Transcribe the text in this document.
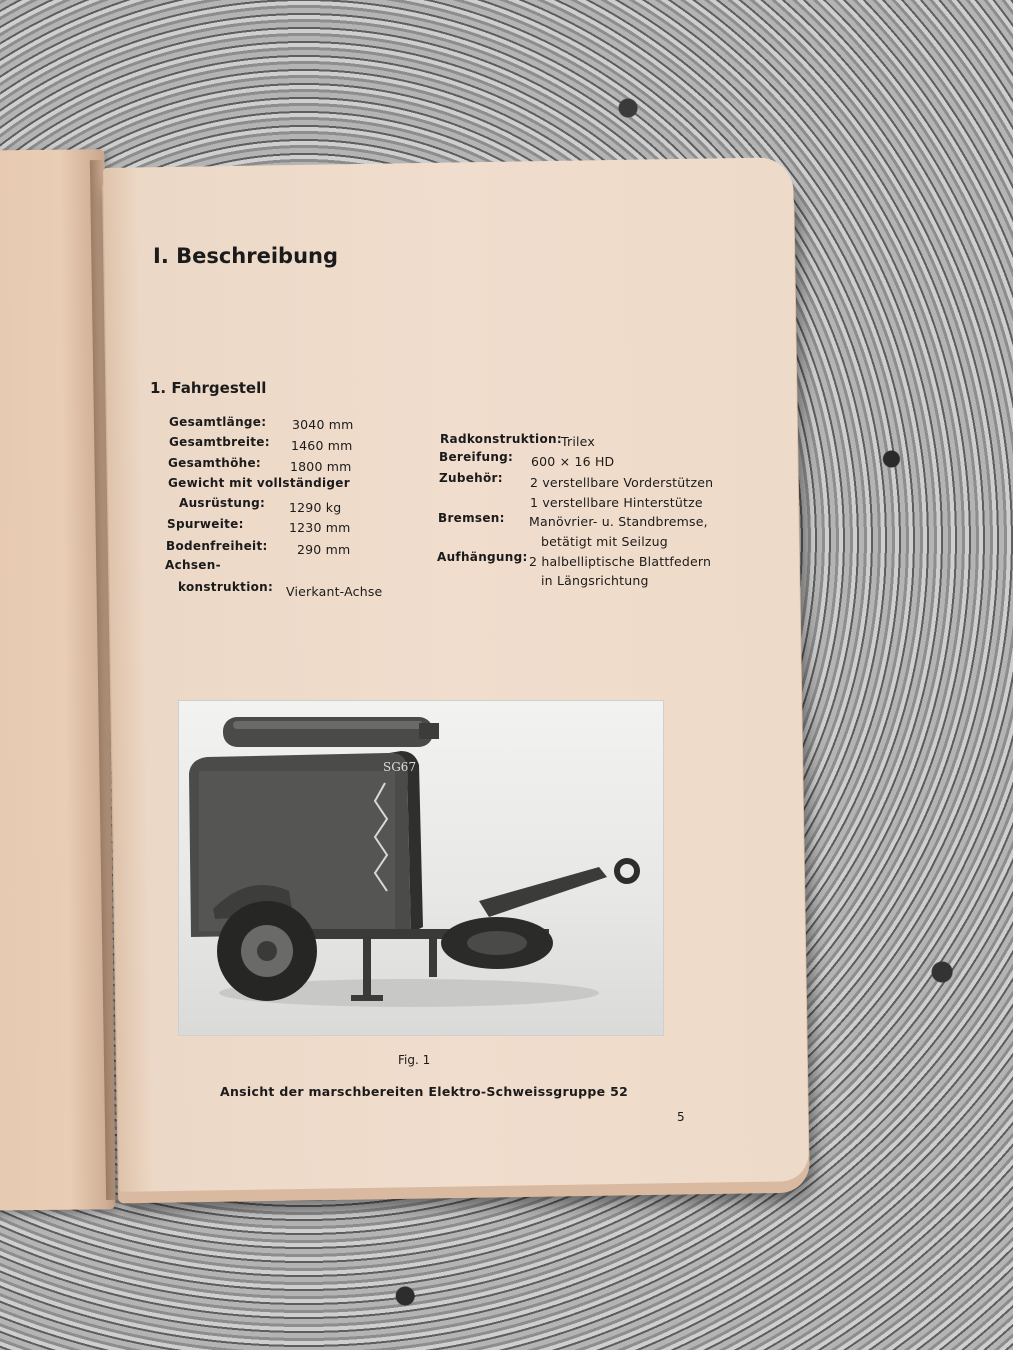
I. Beschreibung
1. Fahrgestell
Gesamtlänge: 3040 mm
Gesamtbreite: 1460 mm
Gesamthöhe: 1800 mm
Gewicht mit vollständiger
Ausrüstung: 1290 kg
Spurweite:	1230 mm
Bodenfreiheit: 290 mm
Achsen-
konstruktion: Vierkant-Achse
Radkonstruktion: Trilex
Bereifung: 600 × 16 HD
Zubehör: 2 verstellbare Vorderstützen
1 verstellbare Hinterstütze
Bremsen: Manövrier- u. Standbremse,
betätigt mit Seilzug
Aufhängung: 2 halbelliptische Blattfedern
in Längsrichtung
SG67
Fig. 1
Ansicht der marschbereiten Elektro-Schweissgruppe 52
5
